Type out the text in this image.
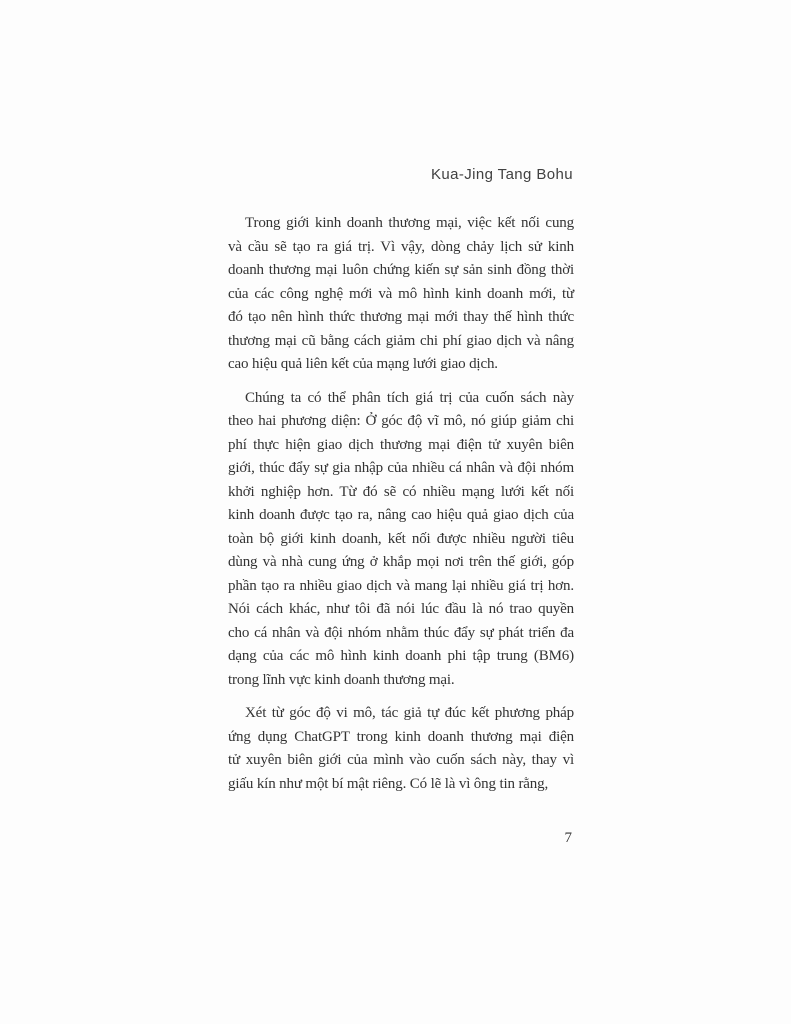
Kua-Jing Tang Bohu
Trong giới kinh doanh thương mại, việc kết nối cung
và cầu sẽ tạo ra giá trị. Vì vậy, dòng chảy lịch sử kinh
doanh thương mại luôn chứng kiến sự sản sinh đồng thời
của các công nghệ mới và mô hình kinh doanh mới, từ
đó tạo nên hình thức thương mại mới thay thế hình thức
thương mại cũ bằng cách giảm chi phí giao dịch và nâng
cao hiệu quả liên kết của mạng lưới giao dịch.
Chúng ta có thể phân tích giá trị của cuốn sách này
theo hai phương diện: Ở góc độ vĩ mô, nó giúp giảm chi
phí thực hiện giao dịch thương mại điện tử xuyên biên
giới, thúc đẩy sự gia nhập của nhiều cá nhân và đội nhóm
khởi nghiệp hơn. Từ đó sẽ có nhiều mạng lưới kết nối
kinh doanh được tạo ra, nâng cao hiệu quả giao dịch của
toàn bộ giới kinh doanh, kết nối được nhiều người tiêu
dùng và nhà cung ứng ở khắp mọi nơi trên thế giới, góp
phần tạo ra nhiều giao dịch và mang lại nhiều giá trị hơn.
Nói cách khác, như tôi đã nói lúc đầu là nó trao quyền
cho cá nhân và đội nhóm nhằm thúc đẩy sự phát triển đa
dạng của các mô hình kinh doanh phi tập trung (BM6)
trong lĩnh vực kinh doanh thương mại.
Xét từ góc độ vi mô, tác giả tự đúc kết phương pháp
ứng dụng ChatGPT trong kinh doanh thương mại điện
tử xuyên biên giới của mình vào cuốn sách này, thay vì
giấu kín như một bí mật riêng. Có lẽ là vì ông tin rằng,
7
